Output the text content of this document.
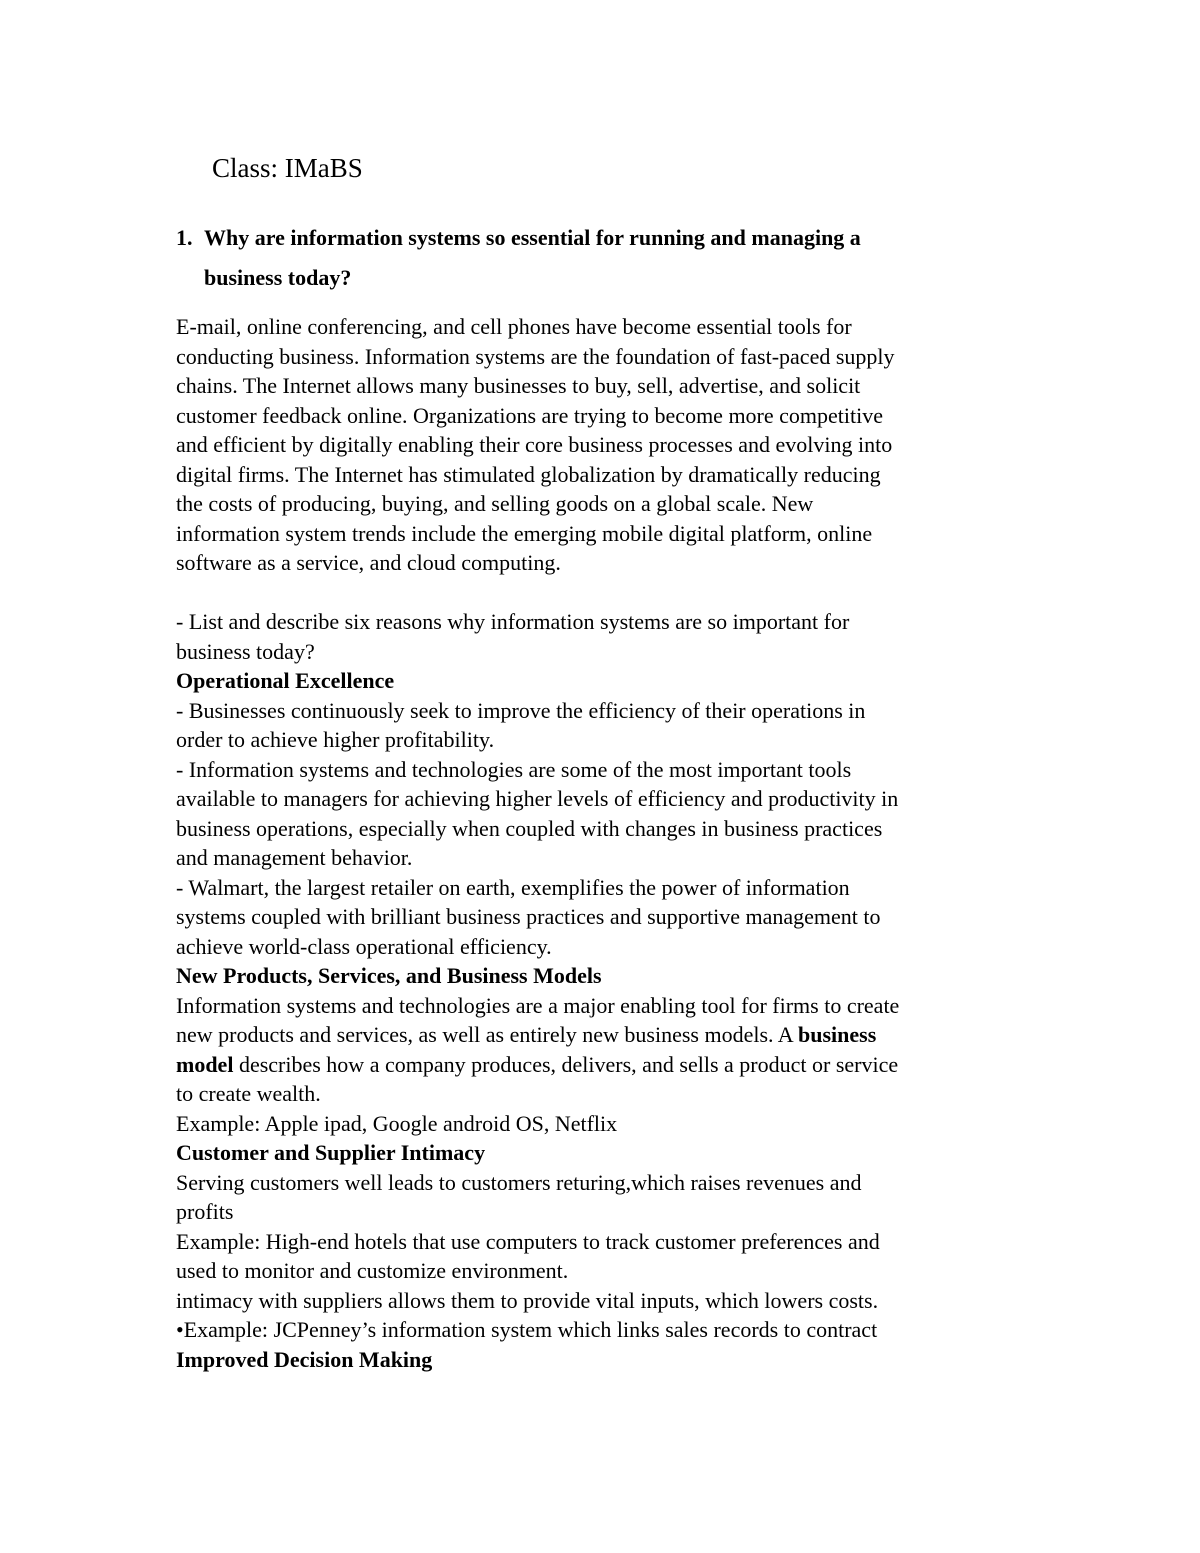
Class: IMaBS
1. Why are information systems so essential for running and managing a
business today?
E-mail, online conferencing, and cell phones have become essential tools for
conducting business. Information systems are the foundation of fast-paced supply
chains. The Internet allows many businesses to buy, sell, advertise, and solicit
customer feedback online. Organizations are trying to become more competitive
and efficient by digitally enabling their core business processes and evolving into
digital firms. The Internet has stimulated globalization by dramatically reducing
the costs of producing, buying, and selling goods on a global scale. New
information system trends include the emerging mobile digital platform, online
software as a service, and cloud computing.
- List and describe six reasons why information systems are so important for
business today?
Operational Excellence
- Businesses continuously seek to improve the efficiency of their operations in
order to achieve higher profitability.
- Information systems and technologies are some of the most important tools
available to managers for achieving higher levels of efficiency and productivity in
business operations, especially when coupled with changes in business practices
and management behavior.
- Walmart, the largest retailer on earth, exemplifies the power of information
systems coupled with brilliant business practices and supportive management to
achieve world-class operational efficiency.
New Products, Services, and Business Models
Information systems and technologies are a major enabling tool for firms to create
new products and services, as well as entirely new business models. A business
model describes how a company produces, delivers, and sells a product or service
to create wealth.
Example: Apple ipad, Google android OS, Netflix
Customer and Supplier Intimacy
Serving customers well leads to customers returing,which raises revenues and
profits
Example: High-end hotels that use computers to track customer preferences and
used to monitor and customize environment.
intimacy with suppliers allows them to provide vital inputs, which lowers costs.
•Example: JCPenney’s information system which links sales records to contract
Improved Decision Making
